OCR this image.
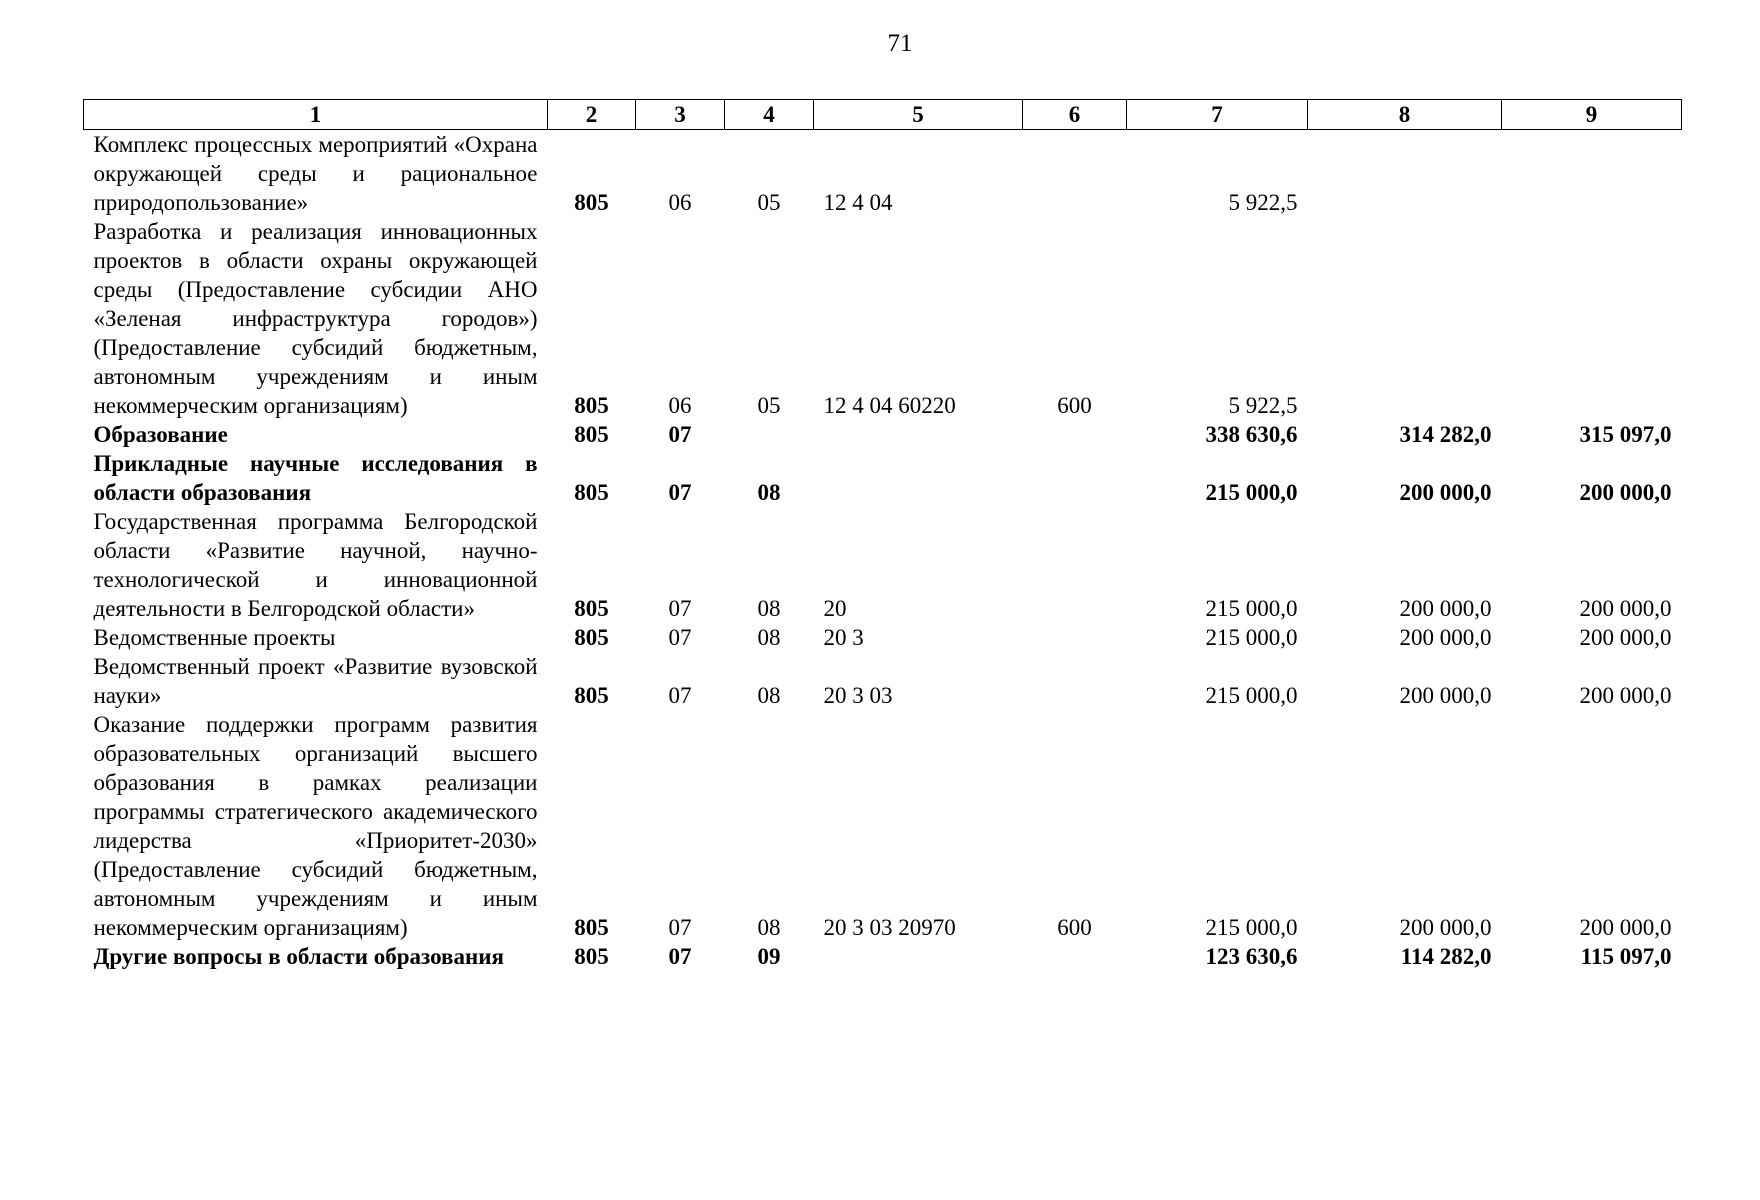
71
1	2	3	4	5	6	7	8	9
Комплекс процессных мероприятий «Охрана окружающей среды и рациональное природопользование»	805	06	05	12 4 04		5 922,5		
Разработка и реализация инновационных проектов в области охраны окружающей среды (Предоставление субсидии АНО «Зеленая инфраструктура городов») (Предоставление субсидий бюджетным, автономным учреждениям и иным некоммерческим организациям)	805	06	05	12 4 04 60220	600	5 922,5		
Образование	805	07				338 630,6	314 282,0	315 097,0
Прикладные научные исследования в области образования	805	07	08			215 000,0	200 000,0	200 000,0
Государственная программа Белгородской области «Развитие научной, научно-технологической и инновационной деятельности в Белгородской области»	805	07	08	20		215 000,0	200 000,0	200 000,0
Ведомственные проекты	805	07	08	20 3		215 000,0	200 000,0	200 000,0
Ведомственный проект «Развитие вузовской науки»	805	07	08	20 3 03		215 000,0	200 000,0	200 000,0
Оказание поддержки программ развития образовательных организаций высшего образования в рамках реализации программы стратегического академического лидерства «Приоритет-2030» (Предоставление субсидий бюджетным, автономным учреждениям и иным некоммерческим организациям)	805	07	08	20 3 03 20970	600	215 000,0	200 000,0	200 000,0
Другие вопросы в области образования	805	07	09			123 630,6	114 282,0	115 097,0
